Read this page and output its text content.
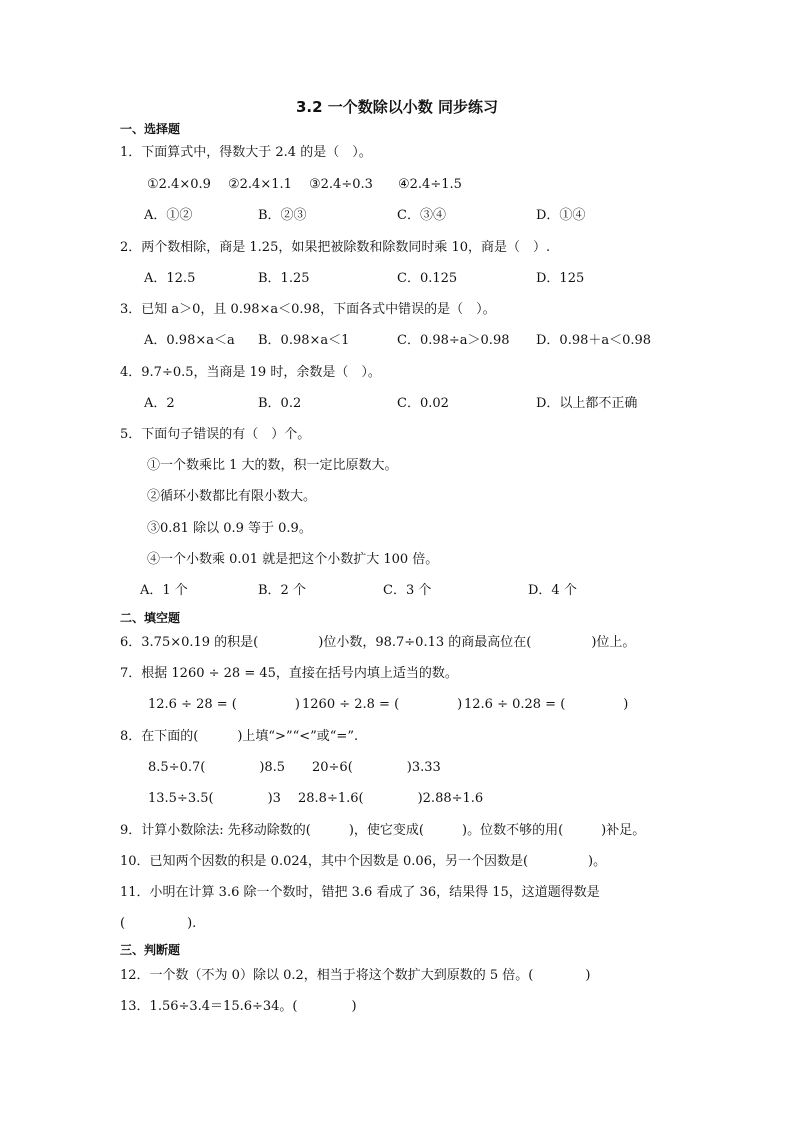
3.2 一个数除以小数 同步练习
一、选择题
1．下面算式中，得数大于 2.4 的是（　）。
①2.4×0.9 ②2.4×1.1 ③2.4÷0.3 ④2.4÷1.5
A．①②	B．②③	C．③④	D．①④
2．两个数相除，商是 1.25，如果把被除数和除数同时乘 10，商是（　）.
A．12.5	B．1.25	C．0.125	D．125
3．已知 a＞0，且 0.98×a＜0.98，下面各式中错误的是（　）。
A．0.98×a＜a B．0.98×a＜1	C．0.98÷a＞0.98 D．0.98＋a＜0.98
4．9.7÷0.5，当商是 19 时，余数是（　）。
A．2	B．0.2	C．0.02	D．以上都不正确
5．下面句子错误的有（　）个。
①一个数乘比 1 大的数，积一定比原数大。
②循环小数都比有限小数大。
③0.81 除以 0.9 等于 0.9。
④一个小数乘 0.01 就是把这个小数扩大 100 倍。
A．1 个	B．2 个	C．3 个	D．4 个
二、填空题
6．3.75×0.19 的积是(	)位小数，98.7÷0.13 的商最高位在(	)位上。
7．根据 1260 ÷ 28 = 45，直接在括号内填上适当的数。
12.6 ÷ 28 = (	) 1260 ÷ 2.8 = (	) 12.6 ÷ 0.28 = (	)
8．在下面的(　　　)上填“>”“<”或“=”.
8.5÷0.7(	)8.5 20÷6(	)3.33
13.5÷3.5(	)3 28.8÷1.6(	)2.88÷1.6
9．计算小数除法: 先移动除数的(	)，使它变成(	)。位数不够的用(	)补足。
10．已知两个因数的积是 0.024，其中个因数是 0.06，另一个因数是(	)。
11．小明在计算 3.6 除一个数时，错把 3.6 看成了 36，结果得 15，这道题得数是
(	).
三、判断题
12．一个数（不为 0）除以 0.2，相当于将这个数扩大到原数的 5 倍。(	)
13．1.56÷3.4＝15.6÷34。(	)
